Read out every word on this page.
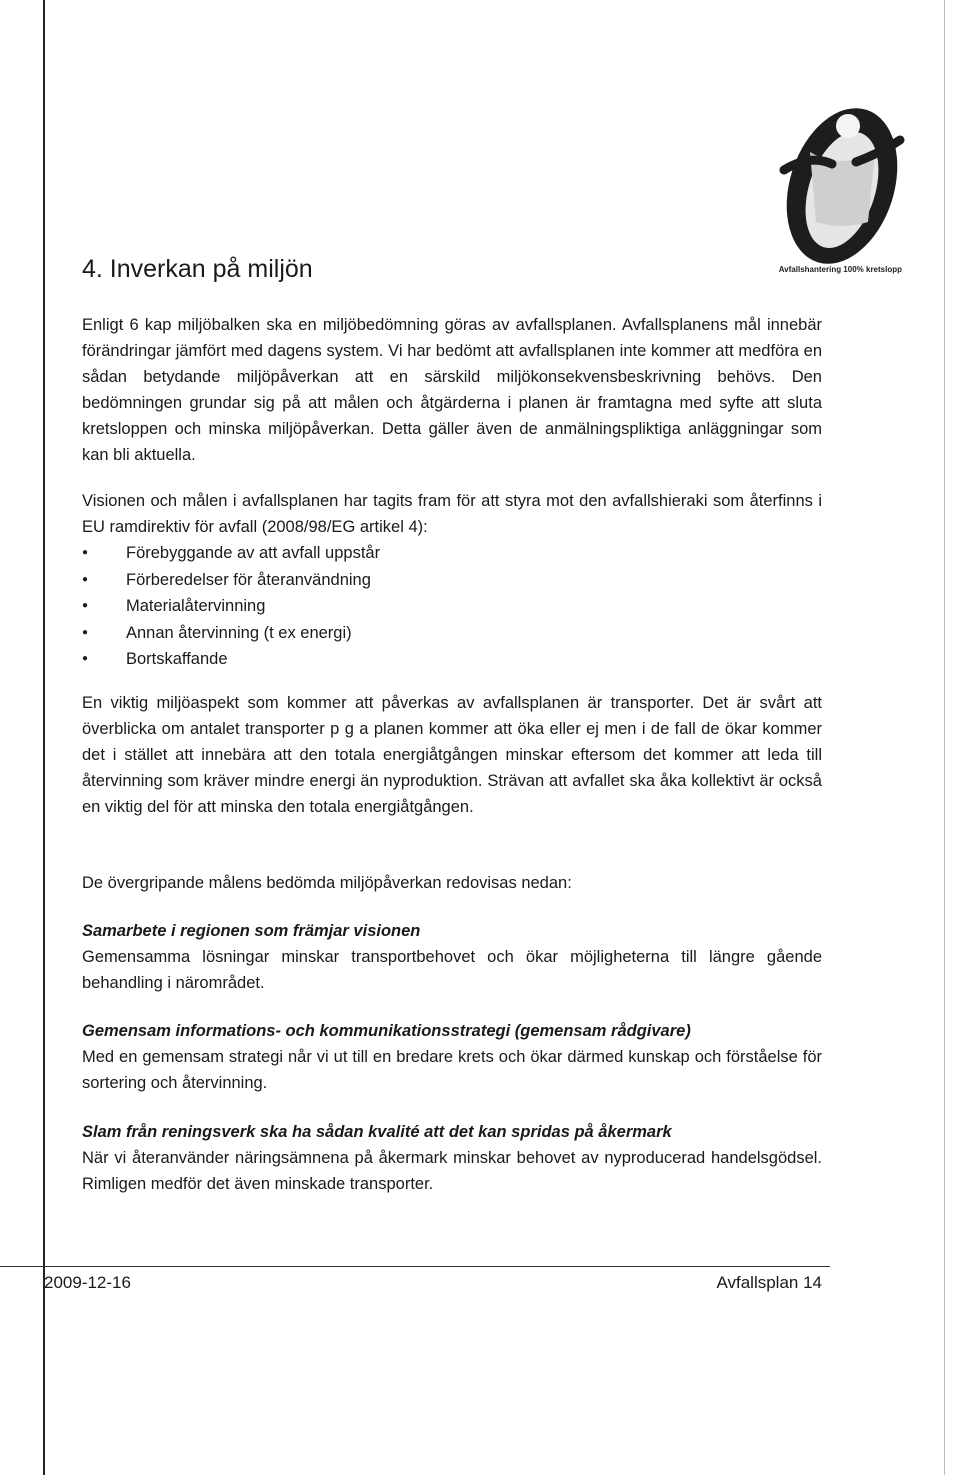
Avfallshantering 100% kretslopp
4. Inverkan på miljön

Enligt 6 kap miljöbalken ska en miljöbedömning göras av avfallsplanen. Avfallsplanens mål innebär förändringar jämfört med dagens system. Vi har bedömt att avfallsplanen inte kommer att medföra en sådan betydande miljöpåverkan att en särskild miljökonsekvensbeskrivning behövs. Den bedömningen grundar sig på att målen och åtgärderna i planen är framtagna med syfte att sluta kretsloppen och minska miljöpåverkan. Detta gäller även de anmälningspliktiga anläggningar som kan bli aktuella.

Visionen och målen i avfallsplanen har tagits fram för att styra mot den avfallshieraki som återfinns i EU ramdirektiv för avfall (2008/98/EG artikel 4):

● Förebyggande av att avfall uppstår
● Förberedelser för återanvändning
● Materialåtervinning
● Annan återvinning (t ex energi)
● Bortskaffande

En viktig miljöaspekt som kommer att påverkas av avfallsplanen är transporter. Det är svårt att överblicka om antalet transporter p g a planen kommer att öka eller ej men i de fall de ökar kommer det i stället att innebära att den totala energiåtgången minskar eftersom det kommer att leda till återvinning som kräver mindre energi än nyproduktion. Strävan att avfallet ska åka kollektivt är också en viktig del för att minska den totala energiåtgången.

De övergripande målens bedömda miljöpåverkan redovisas nedan:

Samarbete i regionen som främjar visionen

Gemensamma lösningar minskar transportbehovet och ökar möjligheterna till längre gående behandling i närområdet.

Gemensam informations- och kommunikationsstrategi (gemensam rådgivare)

Med en gemensam strategi når vi ut till en bredare krets och ökar därmed kunskap och förståelse för sortering och återvinning.

Slam från reningsverk ska ha sådan kvalité att det kan spridas på åkermark

När vi återanvänder näringsämnena på åkermark minskar behovet av nyproducerad handelsgödsel. Rimligen medför det även minskade transporter.

2009-12-16	Avfallsplan 14
